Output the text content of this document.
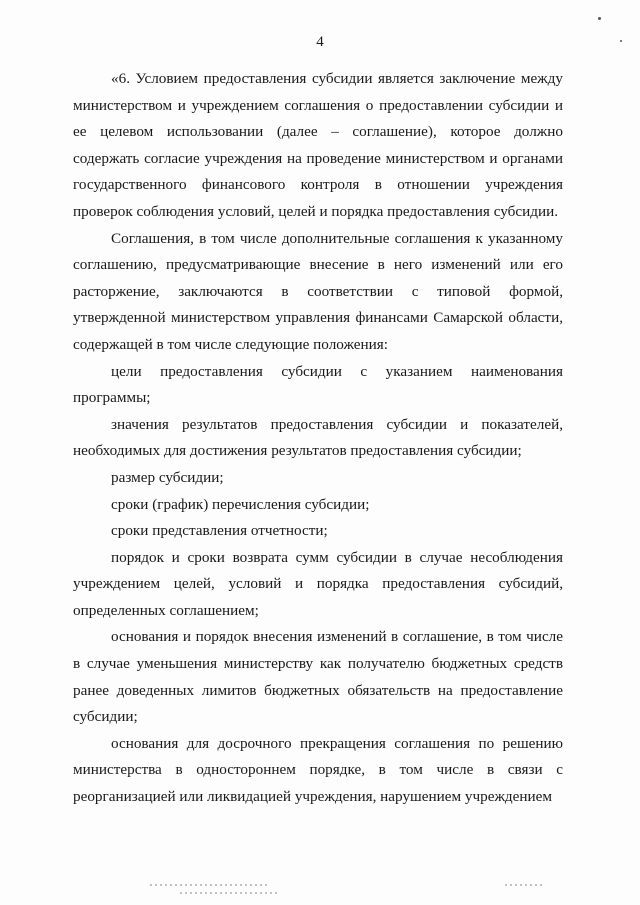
4

«6. Условием предоставления субсидии является заключение между министерством и учреждением соглашения о предоставлении субсидии и ее целевом использовании (далее – соглашение), которое должно содержать согласие учреждения на проведение министерством и органами государственного финансового контроля в отношении учреждения проверок соблюдения условий, целей и порядка предоставления субсидии.

Соглашения, в том числе дополнительные соглашения к указанному соглашению, предусматривающие внесение в него изменений или его расторжение, заключаются в соответствии с типовой формой, утвержденной министерством управления финансами Самарской области, содержащей в том числе следующие положения:

цели предоставления субсидии с указанием наименования программы;

значения результатов предоставления субсидии и показателей, необходимых для достижения результатов предоставления субсидии;

размер субсидии;

сроки (график) перечисления субсидии;

сроки представления отчетности;

порядок и сроки возврата сумм субсидии в случае несоблюдения учреждением целей, условий и порядка предоставления субсидий, определенных соглашением;

основания и порядок внесения изменений в соглашение, в том числе в случае уменьшения министерству как получателю бюджетных средств ранее доведенных лимитов бюджетных обязательств на предоставление субсидии;

основания для досрочного прекращения соглашения по решению министерства в одностороннем порядке, в том числе в связи с реорганизацией или ликвидацией учреждения, нарушением учреждением
